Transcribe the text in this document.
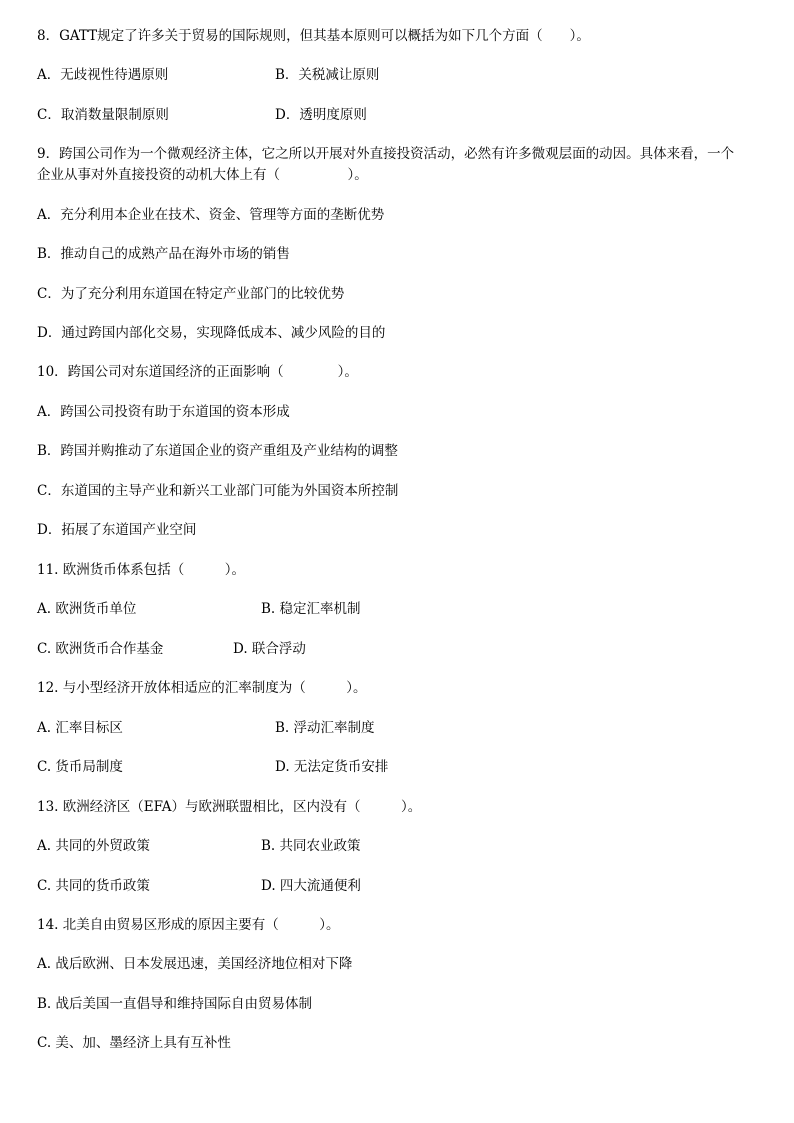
8．GATT规定了许多关于贸易的国际规则，但其基本原则可以概括为如下几个方面（　　）。
A．无歧视性待遇原则	B．关税减让原则
C．取消数量限制原则	D．透明度原则
9．跨国公司作为一个微观经济主体，它之所以开展对外直接投资活动，必然有许多微观层面的动因。具体来看，一个
企业从事对外直接投资的动机大体上有（　　　　　）。
A．充分利用本企业在技术、资金、管理等方面的垄断优势
B．推动自己的成熟产品在海外市场的销售
C．为了充分利用东道国在特定产业部门的比较优势
D．通过跨国内部化交易，实现降低成本、减少风险的目的
10．跨国公司对东道国经济的正面影响（　　　　）。
A．跨国公司投资有助于东道国的资本形成
B．跨国并购推动了东道国企业的资产重组及产业结构的调整
C．东道国的主导产业和新兴工业部门可能为外国资本所控制
D．拓展了东道国产业空间
11. 欧洲货币体系包括（　　　）。
A. 欧洲货币单位	B. 稳定汇率机制
C. 欧洲货币合作基金	D. 联合浮动
12. 与小型经济开放体相适应的汇率制度为（　　　）。
A. 汇率目标区	B. 浮动汇率制度
C. 货币局制度	D. 无法定货币安排
13. 欧洲经济区（EFA）与欧洲联盟相比，区内没有（　　　）。
A. 共同的外贸政策	B. 共同农业政策
C. 共同的货币政策	D. 四大流通便利
14. 北美自由贸易区形成的原因主要有（　　　）。
A. 战后欧洲、日本发展迅速，美国经济地位相对下降
B. 战后美国一直倡导和维持国际自由贸易体制
C. 美、加、墨经济上具有互补性
